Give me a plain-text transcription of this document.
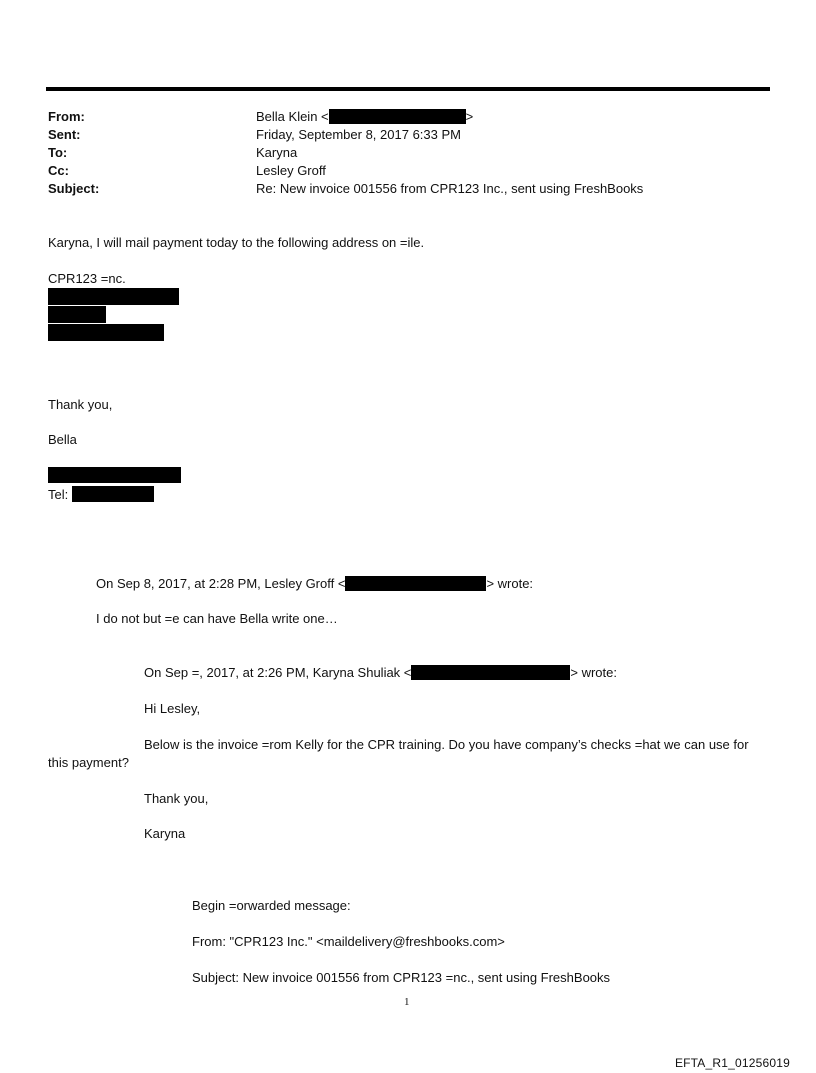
From:	Bella Klein <	>
Sent:	Friday, September 8, 2017 6:33 PM
To:	Karyna
Cc:	Lesley Groff
Subject:	Re: New invoice 001556 from CPR123 Inc., sent using FreshBooks
Karyna, I will mail payment today to the following address on =ile.
CPR123 =nc.
Thank you,
Bella
Tel:
On Sep 8, 2017, at 2:28 PM, Lesley Groff <	> wrote:
I do not but =e can have Bella write one…
On Sep =, 2017, at 2:26 PM, Karyna Shuliak <	> wrote:
Hi Lesley,
Below is the invoice =rom Kelly for the CPR training. Do you have company’s checks =hat we can use for
this payment?
Thank you,
Karyna
Begin =orwarded message:
From: "CPR123 Inc." <maildelivery@freshbooks.com>
Subject: New invoice 001556 from CPR123 =nc., sent using FreshBooks
1
EFTA_R1_01256019
